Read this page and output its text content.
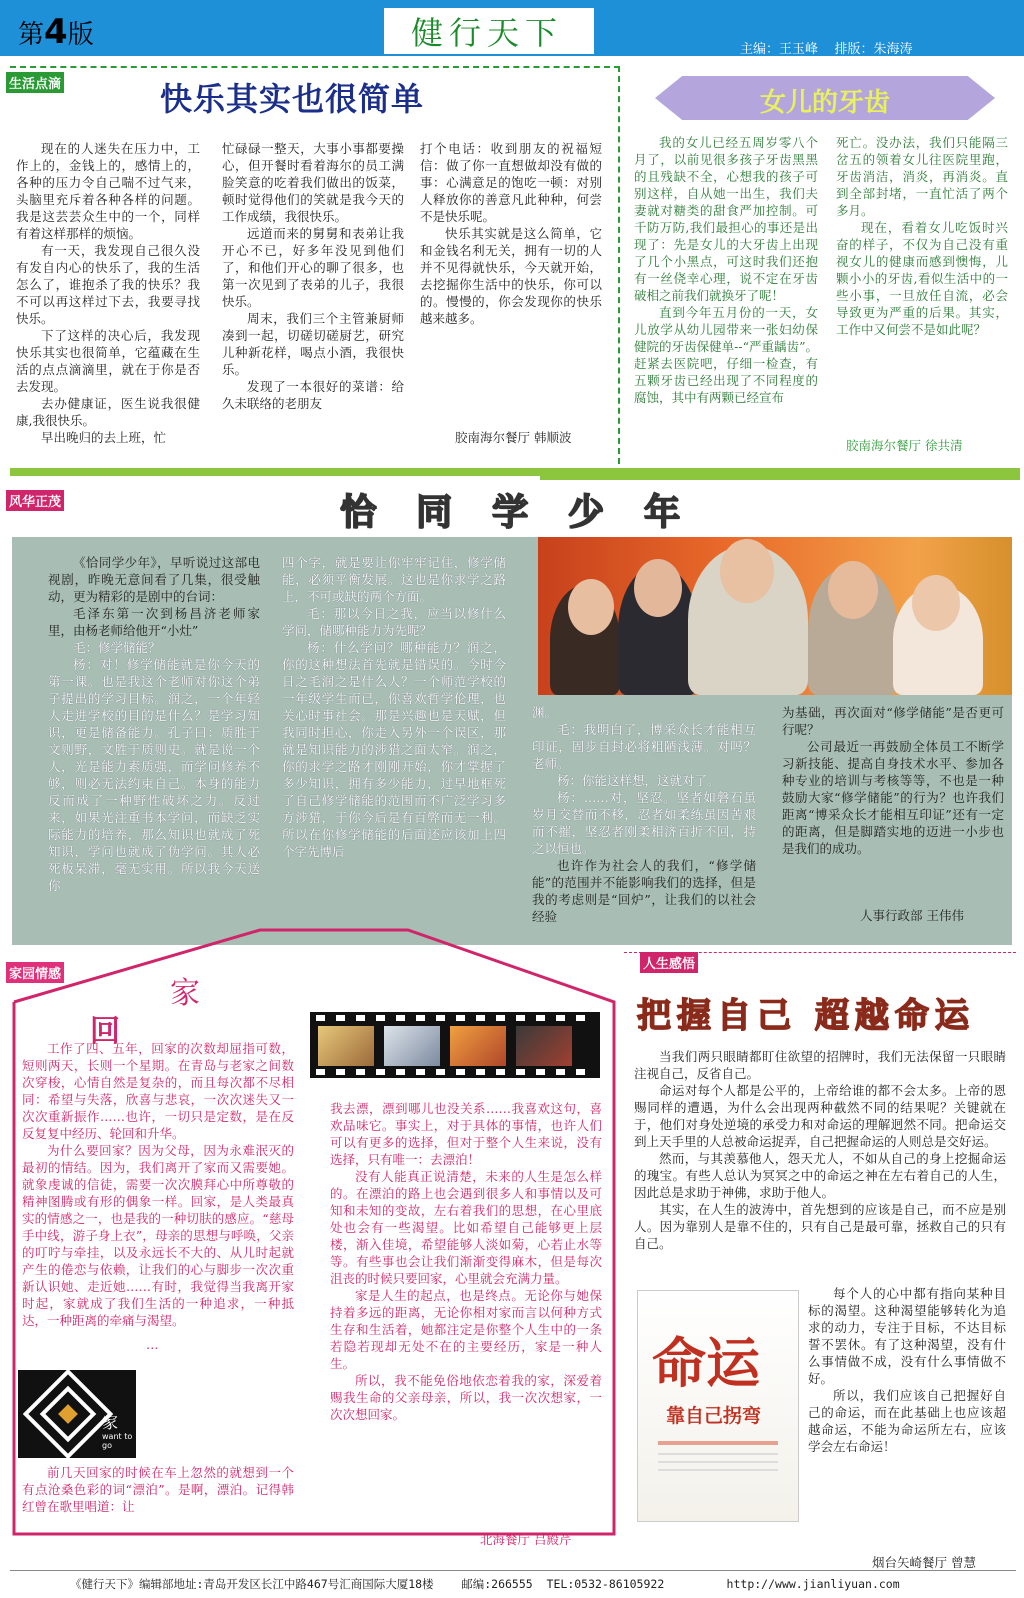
第4版	健行天下	主编：王玉峰    排版：朱海涛
生活点滴	快乐其实也很简单

现在的人迷失在压力中，工作上的，金钱上的，感情上的，各种的压力令自己喘不过气来，头脑里充斥着各种各样的问题。我是这芸芸众生中的一个，同样有着这样那样的烦恼。

有一天，我发现自己很久没有发自内心的快乐了，我的生活怎么了，谁抱杀了我的快乐？我不可以再这样过下去，我要寻找快乐。

下了这样的决心后，我发现快乐其实也很简单，它蕴藏在生活的点点滴滴里，就在于你是否去发现。

去办健康证，医生说我很健康,我很快乐。

早出晚归的去上班，忙

忙碌碌一整天，大事小事都要操心，但开餐时看着海尔的员工满脸笑意的吃着我们做出的饭菜，顿时觉得他们的笑就是我今天的工作成绩，我很快乐。

远道而来的舅舅和表弟让我开心不已，好多年没见到他们了，和他们开心的聊了很多，也第一次见到了表弟的儿子，我很快乐。

周末，我们三个主管兼厨师凑到一起，切磋切磋厨艺，研究儿种新花样，喝点小酒，我很快乐。

发现了一本很好的菜谱：给久未联络的老朋友

打个电话：收到朋友的祝福短信：做了你一直想做却没有做的事：心满意足的饱吃一顿：对别人释放你的善意凡此种种，何尝不是快乐呢。

快乐其实就是这么简单，它和金钱名利无关，拥有一切的人并不见得就快乐，今天就开始，去挖掘你生活中的快乐，你可以的。慢慢的，你会发现你的快乐越来越多。

胶南海尔餐厅 韩顺波
女儿的牙齿

我的女儿已经五周岁零八个月了，以前见很多孩子牙齿黑黑的且残缺不全，心想我的孩子可别这样，自从她一出生，我们夫妻就对糖类的甜食严加控制。可千防万防,我们最担心的事还是出现了：先是女儿的大牙齿上出现了几个小黑点，可这时我们还抱有一丝侥幸心理，说不定在牙齿破相之前我们就换牙了呢！

直到今年五月份的一天，女儿放学从幼儿园带来一张妇幼保健院的牙齿保健单--“严重龋齿”。赶紧去医院吧，仔细一检查，有五颗牙齿已经出现了不同程度的腐蚀，其中有两颗已经宣布

死亡。没办法，我们只能隔三岔五的领着女儿往医院里跑，牙齿消洁，消炎，再消炎。直到全部封堵，一直忙活了两个多月。

现在，看着女儿吃饭时兴奋的样子，不仅为自己没有重视女儿的健康而感到懊悔，儿颗小小的牙齿,看似生活中的一些小事，一旦放任自流，必会导致更为严重的后果。其实，工作中又何尝不是如此呢？

胶南海尔餐厅 徐共清
风华正茂	恰同学少年

《恰同学少年》，早听说过这部电视剧，昨晚无意间看了几集，很受触动，更为精彩的是剧中的台词：

毛泽东第一次到杨昌济老师家里，由杨老师给他开“小灶”

毛：修学储能？

杨：对！修学储能就是你今天的第一课。也是我这个老师对你这个弟子提出的学习目标。润之，一个年轻人走进学校的目的是什么？是学习知识，更是储备能力。孔子曰：质胜于文则野，文胜于质则史。就是说一个人，光是能力素质强，而学问修养不够，则必无法约束自己。本身的能力反而成了一种野性破坏之力。反过来，如果光注重书本学问，而缺乏实际能力的培养，那么知识也就成了死知识，学问也就成了伪学问。其人必死板呆滞，毫无实用。所以我今天送你

四个字，就是要让你牢牢记住，修学储能，必须平衡发展。这也是你求学之路上，不可或缺的两个方面。

毛：那以今日之我，应当以修什么学问，储哪种能力为先呢？

杨：什么学问？哪种能力？润之，你的这种想法首先就是错误的。今时今日之毛润之是什么人？一个师范学校的一年级学生而已，你喜欢哲学伦理，也关心时事社会。那是兴趣也是天赋，但我同时担心，你走入另外一个误区，那就是知识能力的涉猎之面太窄。润之，你的求学之路才刚刚开始，你才掌握了多少知识，拥有多少能力，过早地框死了自己修学储能的范围而不广泛学习多方涉猎，于你今后是有百弊而无一利。所以在你修学储能的后面还应该加上四个字先博后

渊。

毛：我明白了，博采众长才能相互印证，固步自封必将粗陋浅薄。对吗？老师。

杨：你能这样想，这就对了。

杨：……对，坚忍。坚者如磐石虽岁月交替而不移，忍者如柔练虽因苦艰而不摧，坚忍者刚柔相济百折不回，持之以恒也。

也许作为社会人的我们，“修学储能”的范围并不能影响我们的选择，但是我的考虑则是“回炉”，让我们的以社会经验

为基础，再次面对“修学储能”是否更可行呢？

公司最近一再鼓励全体员工不断学习新技能、提高自身技术水平、参加各种专业的培训与考核等等，不也是一种鼓励大家“修学储能”的行为？也许我们距离“博采众长才能相互印证”还有一定的距离，但是脚踏实地的迈进一小步也是我们的成功。

人事行政部 王伟伟
家园情感
家
回

工作了四、五年，回家的次数却屈指可数，短则两天，长则一个星期。在青岛与老家之间数次穿梭，心情自然是复杂的，而且每次都不尽相同：希望与失落，欣喜与悲哀，一次次迷失又一次次重新振作……也许，一切只是定数，是在反反复复中经历、轮回和升华。

为什么要回家？因为父母，因为永难泯灭的最初的情结。因为，我们离开了家而又需要她。就象虔诚的信徒，需要一次次膜拜心中所尊敬的精神图腾或有形的偶象一样。回家，是人类最真实的情感之一，也是我的一种切肤的感应。“慈母手中线，游子身上衣”，母亲的思想与呼唤，父亲的叮咛与牵挂，以及永远长不大的、从儿时起就产生的倦恋与依赖，让我们的心与脚步一次次重新认识她、走近她……有时，我觉得当我离开家时起，家就成了我们生活的一种追求，一种抵达，一种距离的牵痛与渴望。

…

前几天回家的时候在车上忽然的就想到一个有点沧桑色彩的词“漂泊”。是啊，漂泊。记得韩红曾在歌里唱道：让

家
want to go

我去漂，漂到哪儿也没关系……我喜欢这句，喜欢品味它。事实上，对于具体的事情，也许人们可以有更多的选择，但对于整个人生来说，没有选择，只有唯一：去漂泊！

没有人能真正说清楚，未来的人生是怎么样的。在漂泊的路上也会遇到很多人和事情以及可知和未知的变故，左右着我们的思想，在心里底处也会有一些渴望。比如希望自己能够更上层楼，渐入佳境，希望能够人淡如菊，心若止水等等。有些事也会让我们渐渐变得麻木，但是每次沮丧的时候只要回家，心里就会充满力量。

家是人生的起点，也是终点。无论你与她保持着多远的距离，无论你相对家而言以何种方式生存和生活着，她都注定是你整个人生中的一条若隐若现却无处不在的主要经历，家是一种人生。

所以，我不能免俗地依恋着我的家，深爱着赐我生命的父亲母亲，所以，我一次次想家，一次次想回家。

北海餐厅 吕殿芹
人生感悟
把握自己 超越命运

当我们两只眼睛都盯住欲望的招牌时，我们无法保留一只眼睛注视自己，反省自己。

命运对每个人都是公平的，上帝给谁的都不会太多。上帝的恩赐同样的遭遇，为什么会出现两种截然不同的结果呢？关键就在于，他们对身处逆境的承受力和对命运的理解迥然不同。把命运交到上天手里的人总被命运捉弄，自己把握命运的人则总是交好运。

然而，与其羡慕他人，怨天尤人，不如从自己的身上挖掘命运的瑰宝。有些人总认为冥冥之中的命运之神在左右着自己的人生，因此总是求助于神佛，求助于他人。

其实，在人生的波涛中，首先想到的应该是自己，而不应是别人。因为靠别人是靠不住的，只有自己是最可靠，拯救自己的只有自己。

命运
靠自己拐弯

每个人的心中都有指向某种目标的渴望。这种渴望能够转化为追求的动力，专注于目标，不达目标誓不罢休。有了这种渴望，没有什么事情做不成，没有什么事情做不好。

所以，我们应该自己把握好自己的命运，而在此基础上也应该超越命运，不能为命运所左右，应该学会左右命运！

烟台矢崎餐厅 曾慧
《健行天下》编辑部地址:青岛开发区长江中路467号汇商国际大厦18楼    邮编:266555  TEL:0532-86105922         http://www.jianliyuan.com
